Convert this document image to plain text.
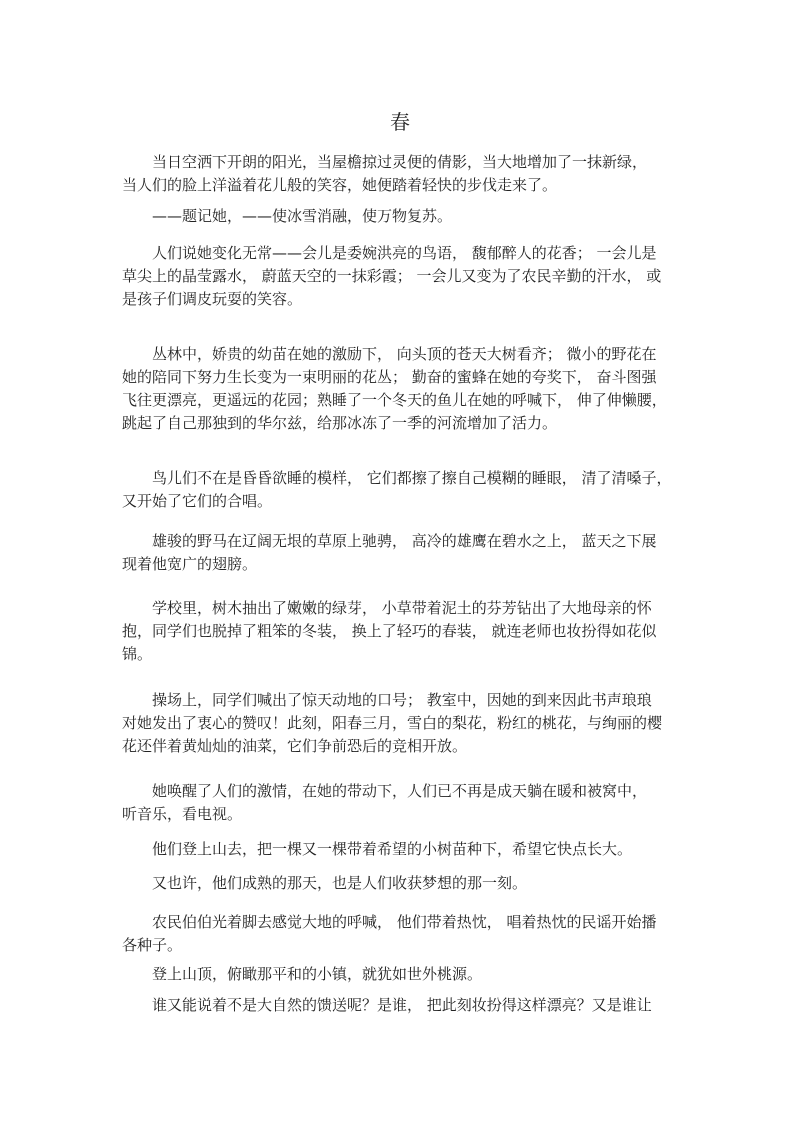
春
当日空洒下开朗的阳光，当屋檐掠过灵便的倩影，当大地增加了一抹新绿，
当人们的脸上洋溢着花儿般的笑容，她便踏着轻快的步伐走来了。
——题记她，——使冰雪消融，使万物复苏。
人们说她变化无常——会儿是委婉洪亮的鸟语， 馥郁醉人的花香； 一会儿是
草尖上的晶莹露水， 蔚蓝天空的一抹彩霞； 一会儿又变为了农民辛勤的汗水， 或
是孩子们调皮玩耍的笑容。
丛林中，娇贵的幼苗在她的激励下， 向头顶的苍天大树看齐； 微小的野花在
她的陪同下努力生长变为一束明丽的花丛； 勤奋的蜜蜂在她的夸奖下， 奋斗图强
飞往更漂亮，更遥远的花园；熟睡了一个冬天的鱼儿在她的呼喊下， 伸了伸懒腰，
跳起了自己那独到的华尔兹，给那冰冻了一季的河流增加了活力。
鸟儿们不在是昏昏欲睡的模样， 它们都擦了擦自己模糊的睡眼， 清了清嗓子，
又开始了它们的合唱。
雄骏的野马在辽阔无垠的草原上驰骋， 高冷的雄鹰在碧水之上， 蓝天之下展
现着他宽广的翅膀。
学校里，树木抽出了嫩嫩的绿芽， 小草带着泥土的芬芳钻出了大地母亲的怀
抱，同学们也脱掉了粗笨的冬装， 换上了轻巧的春装， 就连老师也妆扮得如花似
锦。
操场上，同学们喊出了惊天动地的口号； 教室中，因她的到来因此书声琅琅
对她发出了衷心的赞叹！此刻，阳春三月，雪白的梨花，粉红的桃花，与绚丽的樱
花还伴着黄灿灿的油菜，它们争前恐后的竞相开放。
她唤醒了人们的激情，在她的带动下，人们已不再是成天躺在暖和被窝中，
听音乐，看电视。
他们登上山去，把一棵又一棵带着希望的小树苗种下，希望它快点长大。
又也许，他们成熟的那天，也是人们收获梦想的那一刻。
农民伯伯光着脚去感觉大地的呼喊， 他们带着热忱， 唱着热忱的民谣开始播
各种子。
登上山顶，俯瞰那平和的小镇，就犹如世外桃源。
谁又能说着不是大自然的馈送呢？是谁， 把此刻妆扮得这样漂亮？又是谁让
